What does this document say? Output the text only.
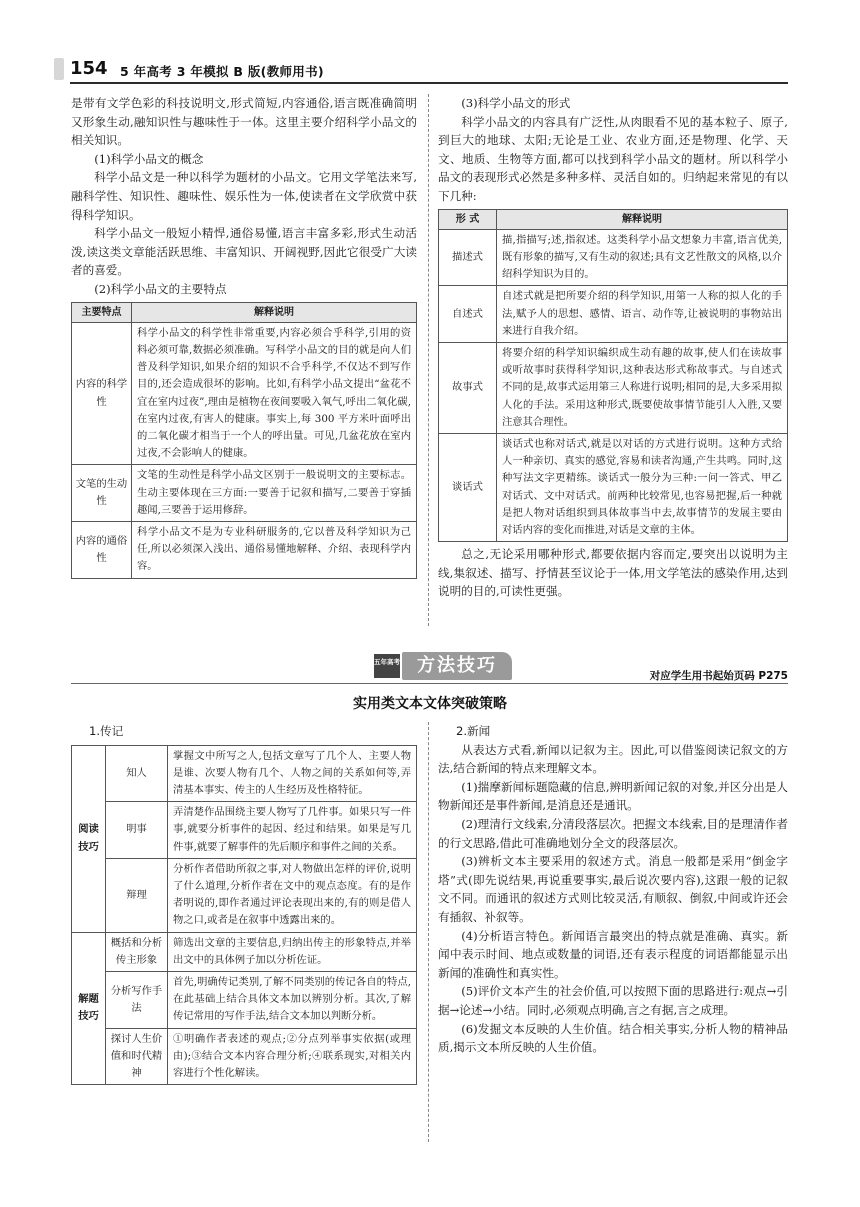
154 5 年高考 3 年模拟 B 版(教师用书)

是带有文学色彩的科技说明文,形式简短,内容通俗,语言既准确简明又形象生动,融知识性与趣味性于一体。这里主要介绍科学小品文的相关知识。

(1)科学小品文的概念

科学小品文是一种以科学为题材的小品文。它用文学笔法来写,融科学性、知识性、趣味性、娱乐性为一体,使读者在文学欣赏中获得科学知识。

科学小品文一般短小精悍,通俗易懂,语言丰富多彩,形式生动活泼,读这类文章能活跃思维、丰富知识、开阔视野,因此它很受广大读者的喜爱。

(2)科学小品文的主要特点

主要特点	解释说明
内容的科学性	科学小品文的科学性非常重要,内容必须合乎科学,引用的资料必须可靠,数据必须准确。写科学小品文的目的就是向人们普及科学知识,如果介绍的知识不合乎科学,不仅达不到写作目的,还会造成很坏的影响。比如,有科学小品文提出“盆花不宜在室内过夜”,理由是植物在夜间要吸入氧气,呼出二氧化碳,在室内过夜,有害人的健康。事实上,每 300 平方米叶面呼出的二氧化碳才相当于一个人的呼出量。可见,几盆花放在室内过夜,不会影响人的健康。
文笔的生动性	文笔的生动性是科学小品文区别于一般说明文的主要标志。生动主要体现在三方面:一要善于记叙和描写,二要善于穿插趣闻,三要善于运用修辞。
内容的通俗性	科学小品文不是为专业科研服务的,它以普及科学知识为己任,所以必须深入浅出、通俗易懂地解释、介绍、表现科学内容。

(3)科学小品文的形式

科学小品文的内容具有广泛性,从肉眼看不见的基本粒子、原子,到巨大的地球、太阳;无论是工业、农业方面,还是物理、化学、天文、地质、生物等方面,都可以找到科学小品文的题材。所以科学小品文的表现形式必然是多种多样、灵活自如的。归纳起来常见的有以下几种:

形 式	解释说明
描述式	描,指描写;述,指叙述。这类科学小品文想象力丰富,语言优美,既有形象的描写,又有生动的叙述;具有文艺性散文的风格,以介绍科学知识为目的。
自述式	自述式就是把所要介绍的科学知识,用第一人称的拟人化的手法,赋予人的思想、感情、语言、动作等,让被说明的事物站出来进行自我介绍。
故事式	将要介绍的科学知识编织成生动有趣的故事,使人们在读故事或听故事时获得科学知识,这种表达形式称故事式。与自述式不同的是,故事式运用第三人称进行说明;相同的是,大多采用拟人化的手法。采用这种形式,既要使故事情节能引人入胜,又要注意其合理性。
谈话式	谈话式也称对话式,就是以对话的方式进行说明。这种方式给人一种亲切、真实的感觉,容易和读者沟通,产生共鸣。同时,这种写法文字更精练。谈话式一般分为三种:一问一答式、甲乙对话式、文中对话式。前两种比较常见,也容易把握,后一种就是把人物对话组织到具体故事当中去,故事情节的发展主要由对话内容的变化而推进,对话是文章的主体。

总之,无论采用哪种形式,都要依据内容而定,要突出以说明为主线,集叙述、描写、抒情甚至议论于一体,用文学笔法的感染作用,达到说明的目的,可读性更强。

五年高考 方法技巧	对应学生用书起始页码 P275
实用类文本文体突破策略

1.传记

阅读技巧	知人	掌握文中所写之人,包括文章写了几个人、主要人物是谁、次要人物有几个、人物之间的关系如何等,弄清基本事实、传主的人生经历及性格特征。
	明事	弄清楚作品围绕主要人物写了几件事。如果只写一件事,就要分析事件的起因、经过和结果。如果是写几件事,就要了解事件的先后顺序和事件之间的关系。
	辩理	分析作者借助所叙之事,对人物做出怎样的评价,说明了什么道理,分析作者在文中的观点态度。有的是作者明说的,即作者通过评论表现出来的,有的则是借人物之口,或者是在叙事中透露出来的。
解题技巧	概括和分析传主形象	筛选出文章的主要信息,归纳出传主的形象特点,并举出文中的具体例子加以分析佐证。
	分析写作手法	首先,明确传记类别,了解不同类别的传记各自的特点,在此基础上结合具体文本加以辨别分析。其次,了解传记常用的写作手法,结合文本加以判断分析。
	探讨人生价值和时代精神	①明确作者表述的观点;②分点列举事实依据(或理由);③结合文本内容合理分析;④联系现实,对相关内容进行个性化解读。

2.新闻

从表达方式看,新闻以记叙为主。因此,可以借鉴阅读记叙文的方法,结合新闻的特点来理解文本。

(1)揣摩新闻标题隐藏的信息,辨明新闻记叙的对象,并区分出是人物新闻还是事件新闻,是消息还是通讯。

(2)理清行文线索,分清段落层次。把握文本线索,目的是理清作者的行文思路,借此可准确地划分全文的段落层次。

(3)辨析文本主要采用的叙述方式。消息一般都是采用“倒金字塔”式(即先说结果,再说重要事实,最后说次要内容),这跟一般的记叙文不同。而通讯的叙述方式则比较灵活,有顺叙、倒叙,中间或许还会有插叙、补叙等。

(4)分析语言特色。新闻语言最突出的特点就是准确、真实。新闻中表示时间、地点或数量的词语,还有表示程度的词语都能显示出新闻的准确性和真实性。

(5)评价文本产生的社会价值,可以按照下面的思路进行:观点→引据→论述→小结。同时,必须观点明确,言之有据,言之成理。

(6)发掘文本反映的人生价值。结合相关事实,分析人物的精神品质,揭示文本所反映的人生价值。
